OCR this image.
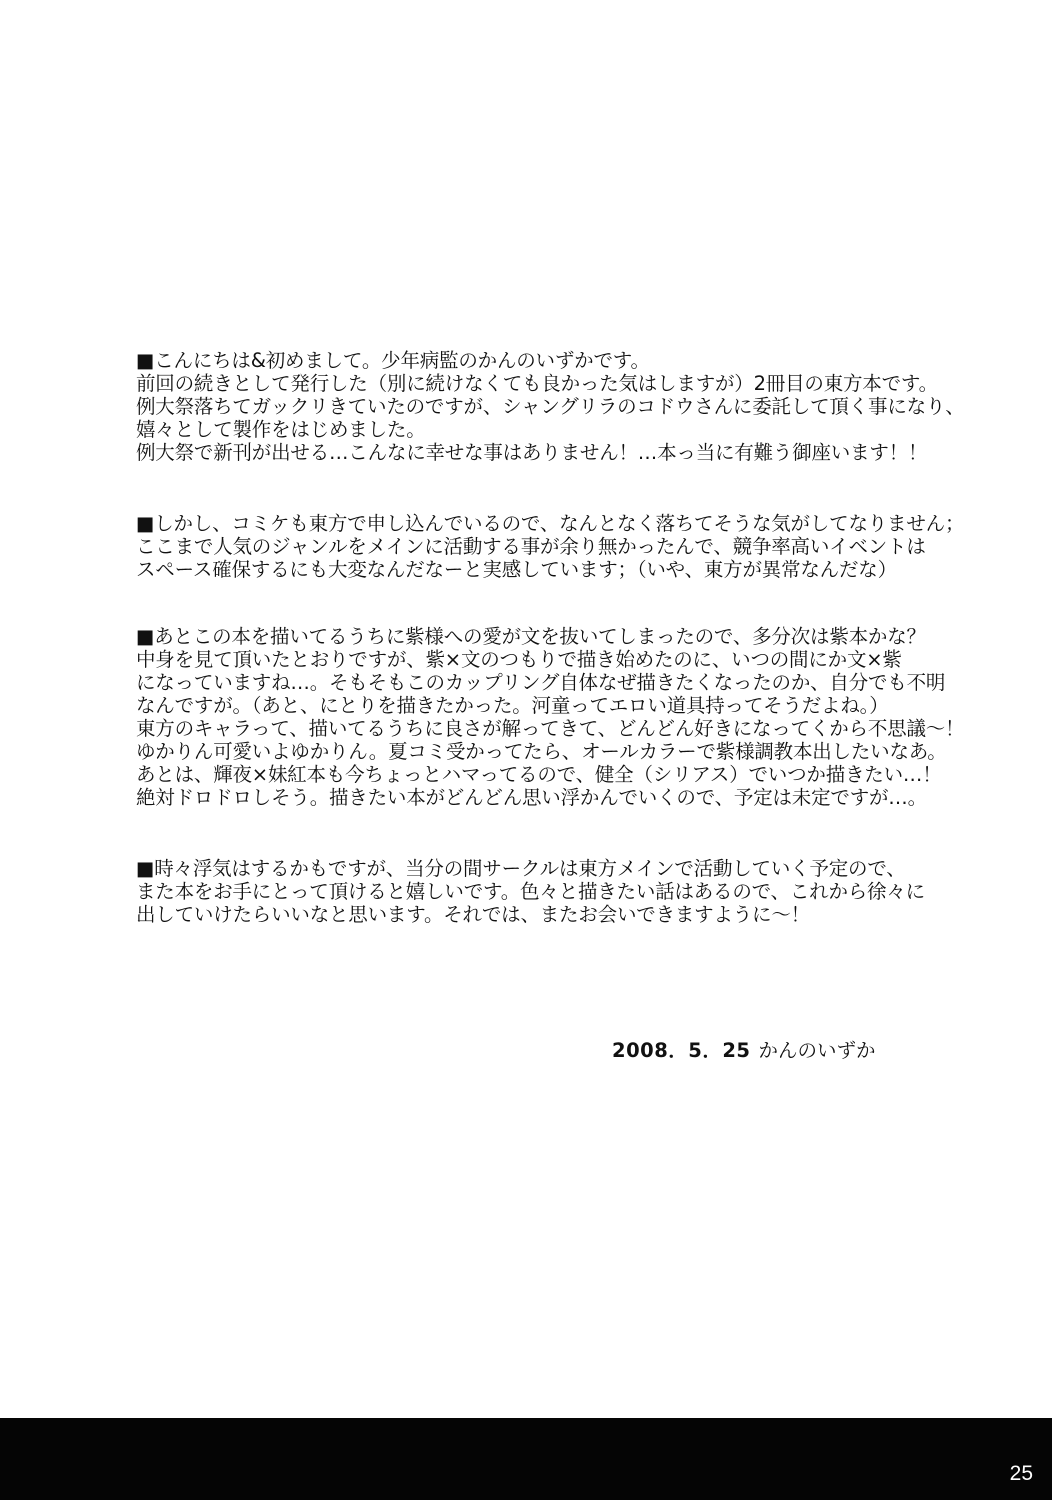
■こんにちは&初めまして。少年病監のかんのいずかです。
前回の続きとして発行した（別に続けなくても良かった気はしますが）2冊目の東方本です。
例大祭落ちてガックリきていたのですが、シャングリラのコドウさんに委託して頂く事になり、
嬉々として製作をはじめました。
例大祭で新刊が出せる…こんなに幸せな事はありません！…本っ当に有難う御座います！！
■しかし、コミケも東方で申し込んでいるので、なんとなく落ちてそうな気がしてなりません；
ここまで人気のジャンルをメインに活動する事が余り無かったんで、競争率高いイベントは
スペース確保するにも大変なんだなーと実感しています；（いや、東方が異常なんだな）
■あとこの本を描いてるうちに紫様への愛が文を抜いてしまったので、多分次は紫本かな？
中身を見て頂いたとおりですが、紫×文のつもりで描き始めたのに、いつの間にか文×紫
になっていますね…。そもそもこのカップリング自体なぜ描きたくなったのか、自分でも不明
なんですが。（あと、にとりを描きたかった。河童ってエロい道具持ってそうだよね。）
東方のキャラって、描いてるうちに良さが解ってきて、どんどん好きになってくから不思議～！
ゆかりん可愛いよゆかりん。夏コミ受かってたら、オールカラーで紫様調教本出したいなあ。
あとは、輝夜×妹紅本も今ちょっとハマってるので、健全（シリアス）でいつか描きたい…！
絶対ドロドロしそう。描きたい本がどんどん思い浮かんでいくので、予定は未定ですが…。
■時々浮気はするかもですが、当分の間サークルは東方メインで活動していく予定ので、
また本をお手にとって頂けると嬉しいです。色々と描きたい話はあるので、これから徐々に
出していけたらいいなと思います。それでは、またお会いできますように～！
2008．5．25 かんのいずか
25
